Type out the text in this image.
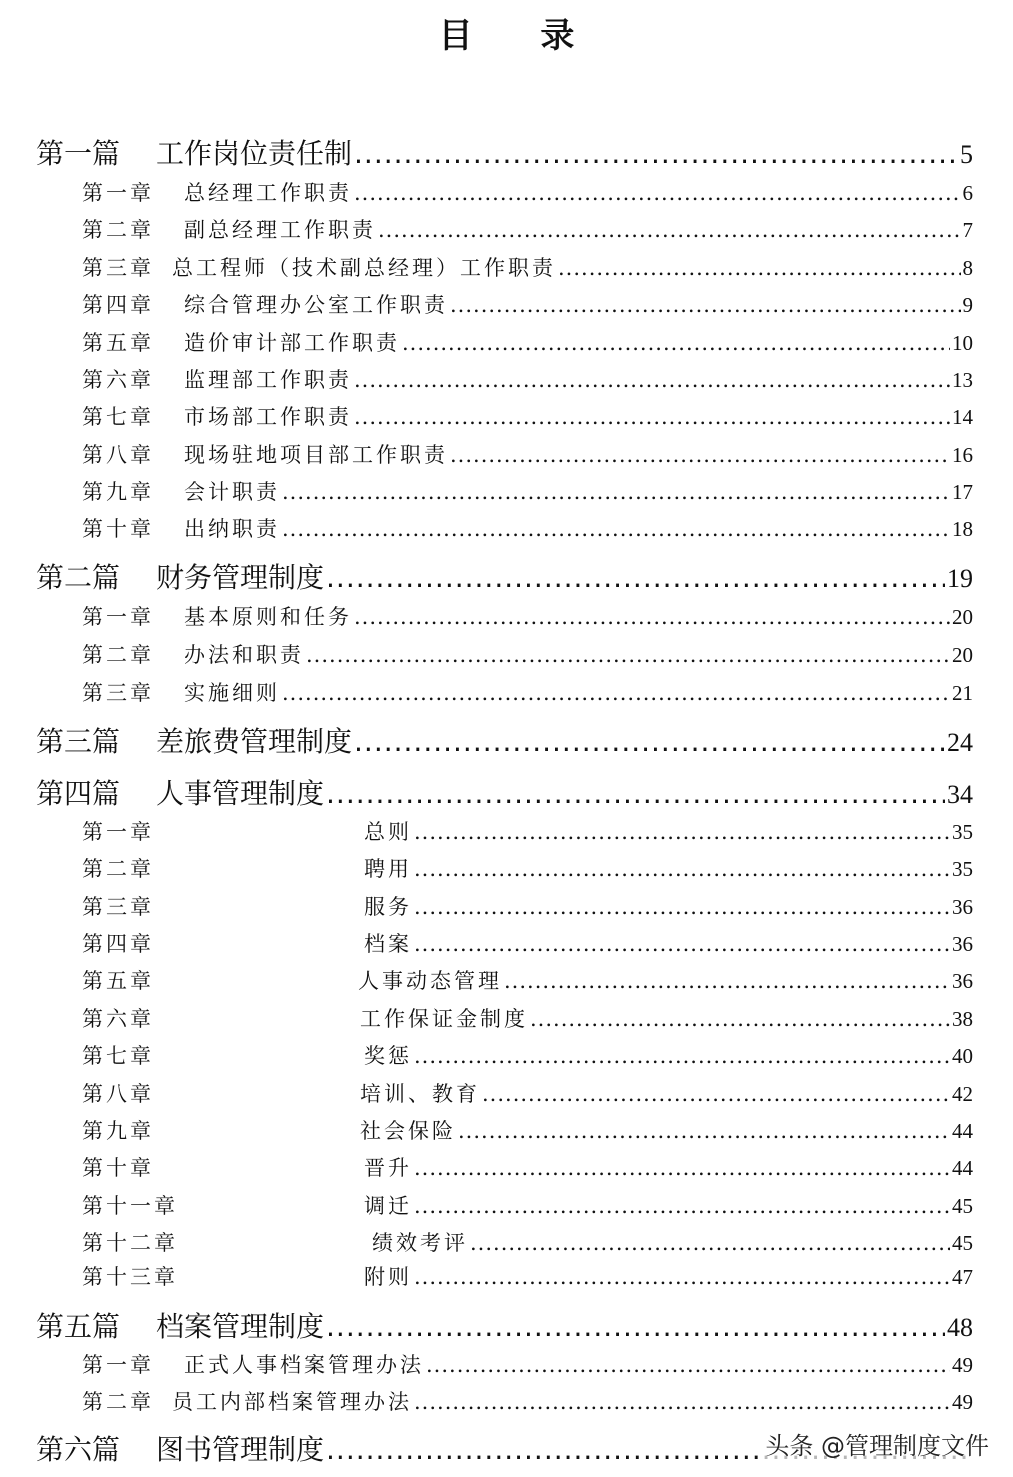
目 录
第一篇	工作岗位责任制 .....	5
第一章	总经理工作职责 .....	6
第二章	副总经理工作职责 .....	7
第三章 总工程师（技术副总经理）工作职责 .....	8
第四章	综合管理办公室工作职责 .....	9
第五章	造价审计部工作职责 .....	10
第六章	监理部工作职责 .....	13
第七章	市场部工作职责 .....	14
第八章	现场驻地项目部工作职责 .....	16
第九章	会计职责 .....	17
第十章	出纳职责 .....	18
第二篇	财务管理制度 .....	19
第一章	基本原则和任务 .....	20
第二章	办法和职责 .....	20
第三章	实施细则 .....	21
第三篇	差旅费管理制度 .....	24
第四篇	人事管理制度 .....	34
第一章	总则 .....	35
第二章	聘用 .....	35
第三章	服务 .....	36
第四章	档案 .....	36
第五章	人事动态管理 .....	36
第六章	工作保证金制度 .....	38
第七章	奖惩 .....	40
第八章	培训、教育 .....	42
第九章	社会保险 .....	44
第十章	晋升 .....	44
第十一章	调迁 .....	45
第十二章	绩效考评 .....	45
第十三章	附则 .....	47
第五篇	档案管理制度 .....	48
第一章	正式人事档案管理办法 .....	49
第二章 员工内部档案管理办法 .....	49
第六篇	图书管理制度 .....	头条 @管理制度文件
